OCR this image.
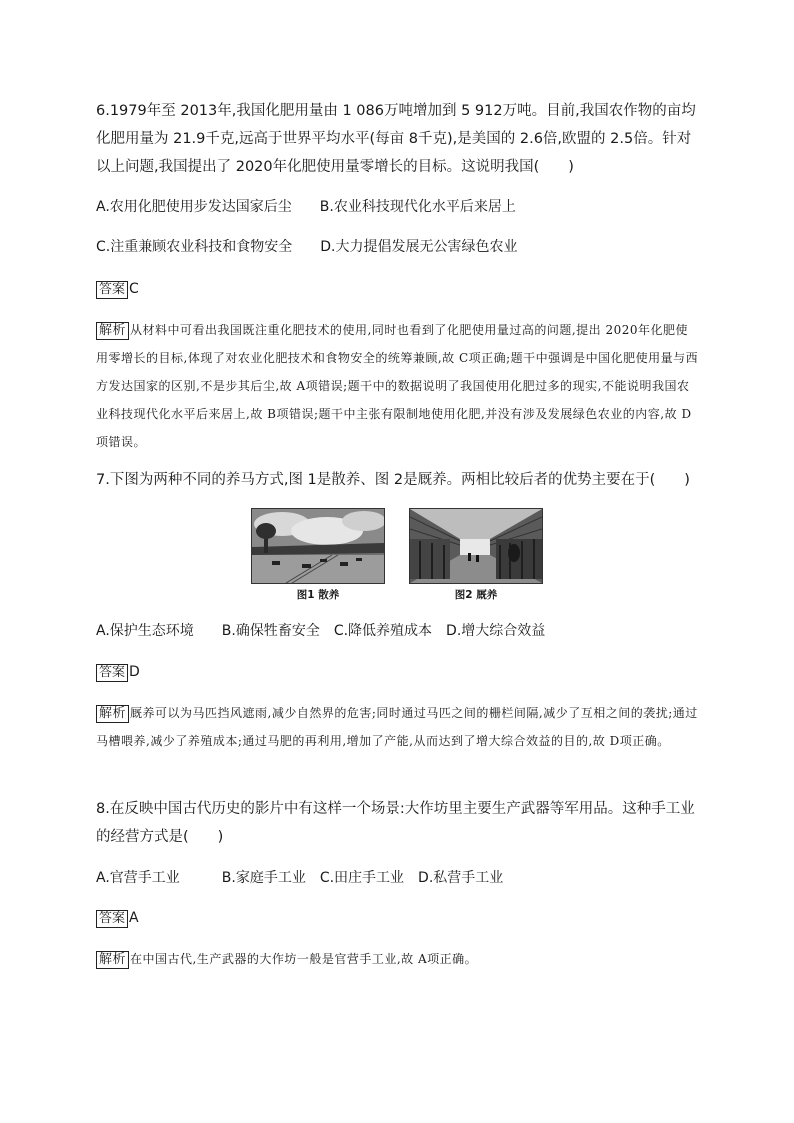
6.1979年至 2013年,我国化肥用量由 1 086万吨增加到 5 912万吨。目前,我国农作物的亩均化肥用量为 21.9千克,远高于世界平均水平(每亩 8千克),是美国的 2.6倍,欧盟的 2.5倍。针对以上问题,我国提出了 2020年化肥使用量零增长的目标。这说明我国(　　)
A.农用化肥使用步发达国家后尘　　B.农业科技现代化水平后来居上
C.注重兼顾农业科技和食物安全　　D.大力提倡发展无公害绿色农业
答案 C
解析 从材料中可看出我国既注重化肥技术的使用,同时也看到了化肥使用量过高的问题,提出 2020年化肥使用零增长的目标,体现了对农业化肥技术和食物安全的统筹兼顾,故 C项正确;题干中强调是中国化肥使用量与西方发达国家的区别,不是步其后尘,故 A项错误;题干中的数据说明了我国使用化肥过多的现实,不能说明我国农业科技现代化水平后来居上,故 B项错误;题干中主张有限制地使用化肥,并没有涉及发展绿色农业的内容,故 D项错误。
7.下图为两种不同的养马方式,图 1是散养、图 2是厩养。两相比较后者的优势主要在于(　　)
图1 散养	图2 厩养
A.保护生态环境　　B.确保牲畜安全　C.降低养殖成本　D.增大综合效益
答案 D
解析 厩养可以为马匹挡风遮雨,减少自然界的危害;同时通过马匹之间的栅栏间隔,减少了互相之间的袭扰;通过马槽喂养,减少了养殖成本;通过马肥的再利用,增加了产能,从而达到了增大综合效益的目的,故 D项正确。
8.在反映中国古代历史的影片中有这样一个场景:大作坊里主要生产武器等军用品。这种手工业的经营方式是(　　)
A.官营手工业　　　B.家庭手工业　C.田庄手工业　D.私营手工业
答案 A
解析 在中国古代,生产武器的大作坊一般是官营手工业,故 A项正确。
